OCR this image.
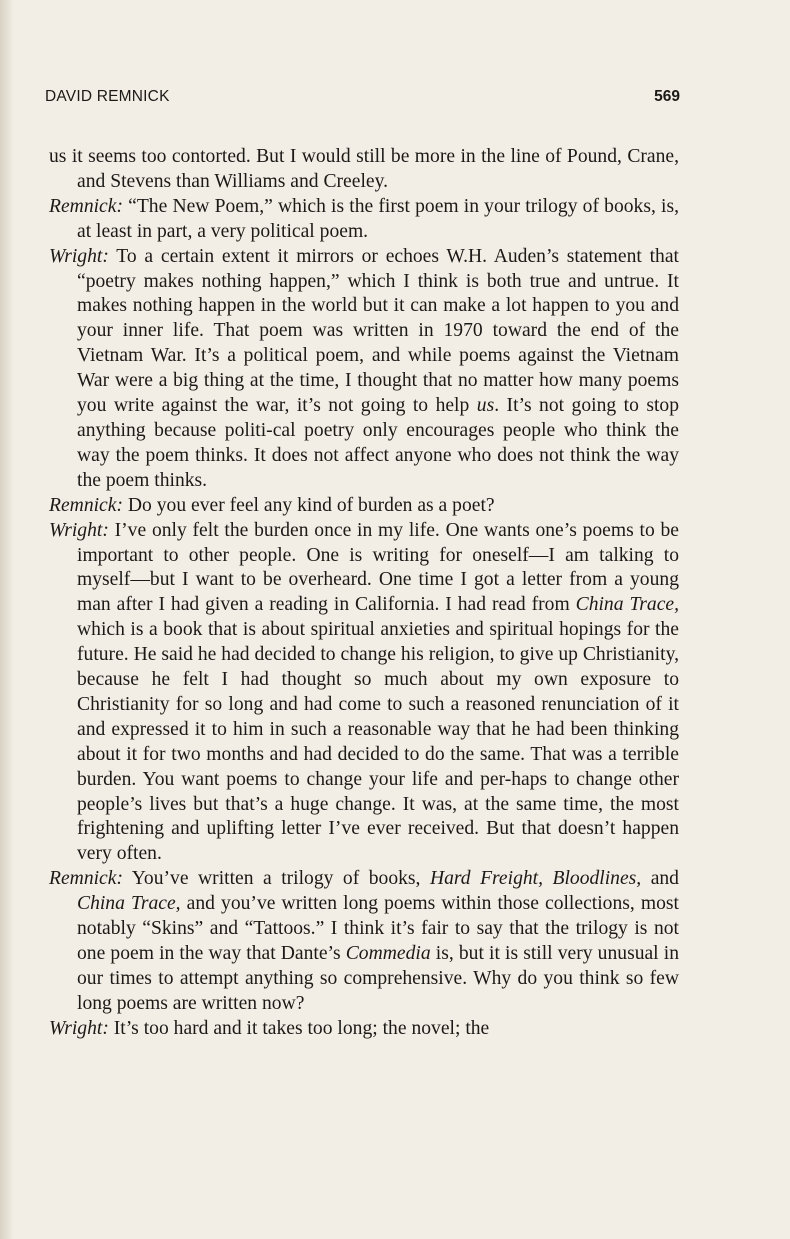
DAVID REMNICK	569

us it seems too contorted. But I would still be more in the line of Pound, Crane, and Stevens than Williams and Creeley.

Remnick: “The New Poem,” which is the first poem in your trilogy of books, is, at least in part, a very political poem.

Wright: To a certain extent it mirrors or echoes W.H. Auden’s statement that “poetry makes nothing happen,” which I think is both true and untrue. It makes nothing happen in the world but it can make a lot happen to you and your inner life. That poem was written in 1970 toward the end of the Vietnam War. It’s a political poem, and while poems against the Vietnam War were a big thing at the time, I thought that no matter how many poems you write against the war, it’s not going to help us. It’s not going to stop anything because politi-cal poetry only encourages people who think the way the poem thinks. It does not affect anyone who does not think the way the poem thinks.

Remnick: Do you ever feel any kind of burden as a poet?

Wright: I’ve only felt the burden once in my life. One wants one’s poems to be important to other people. One is writing for oneself—I am talking to myself—but I want to be overheard. One time I got a letter from a young man after I had given a reading in California. I had read from China Trace, which is a book that is about spiritual anxieties and spiritual hopings for the future. He said he had decided to change his religion, to give up Christianity, because he felt I had thought so much about my own exposure to Christianity for so long and had come to such a reasoned renunciation of it and expressed it to him in such a reasonable way that he had been thinking about it for two months and had decided to do the same. That was a terrible burden. You want poems to change your life and per-haps to change other people’s lives but that’s a huge change. It was, at the same time, the most frightening and uplifting letter I’ve ever received. But that doesn’t happen very often.

Remnick: You’ve written a trilogy of books, Hard Freight, Bloodlines, and China Trace, and you’ve written long poems within those collections, most notably “Skins” and “Tattoos.” I think it’s fair to say that the trilogy is not one poem in the way that Dante’s Commedia is, but it is still very unusual in our times to attempt anything so comprehensive. Why do you think so few long poems are written now?

Wright: It’s too hard and it takes too long; the novel; the
